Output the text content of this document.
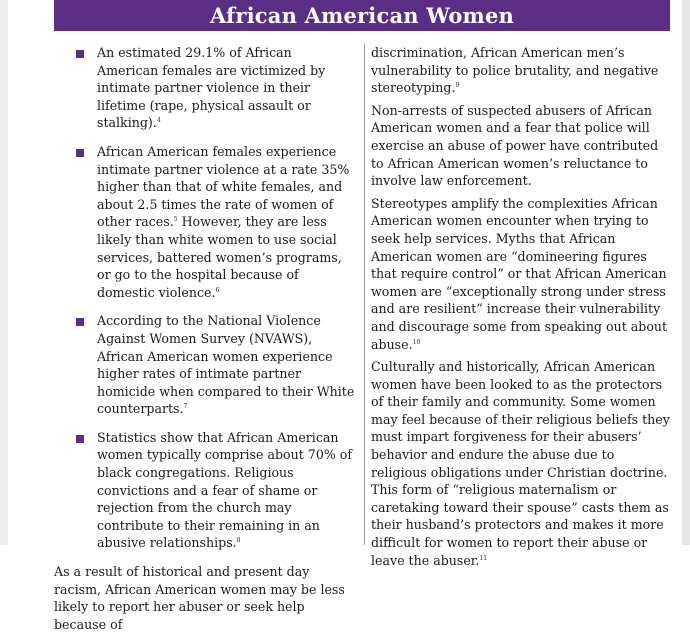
African American Women
An estimated 29.1% of African American females are victimized by intimate partner violence in their lifetime (rape, physical assault or stalking).$^4$
African American females experience intimate partner violence at a rate 35% higher than that of white females, and about 2.5 times the rate of women of other races.$^5$ However, they are less likely than white women to use social services, battered women’s programs, or go to the hospital because of domestic violence.$^6$
According to the National Violence Against Women Survey (NVAWS), African American women experience higher rates of intimate partner homicide when compared to their White counterparts.$^7$
Statistics show that African American women typically comprise about 70% of black congregations. Religious convictions and a fear of shame or rejection from the church may contribute to their remaining in an abusive relationships.$^8$

As a result of historical and present day racism, African American women may be less likely to report her abuser or seek help because of

discrimination, African American men’s vulnerability to police brutality, and negative stereotyping.$^9$

Non-arrests of suspected abusers of African American women and a fear that police will exercise an abuse of power have contributed to African American women’s reluctance to involve law enforcement.

Stereotypes amplify the complexities African American women encounter when trying to seek help services. Myths that African American women are “domineering figures that require control” or that African American women are “exceptionally strong under stress and are resilient” increase their vulnerability and discourage some from speaking out about abuse.$^{10}$

Culturally and historically, African American women have been looked to as the protectors of their family and community. Some women may feel because of their religious beliefs they must impart forgiveness for their abusers’ behavior and endure the abuse due to religious obligations under Christian doctrine. This form of “religious maternalism or caretaking toward their spouse” casts them as their husband’s protectors and makes it more difficult for women to report their abuse or leave the abuser.$^{11}$
